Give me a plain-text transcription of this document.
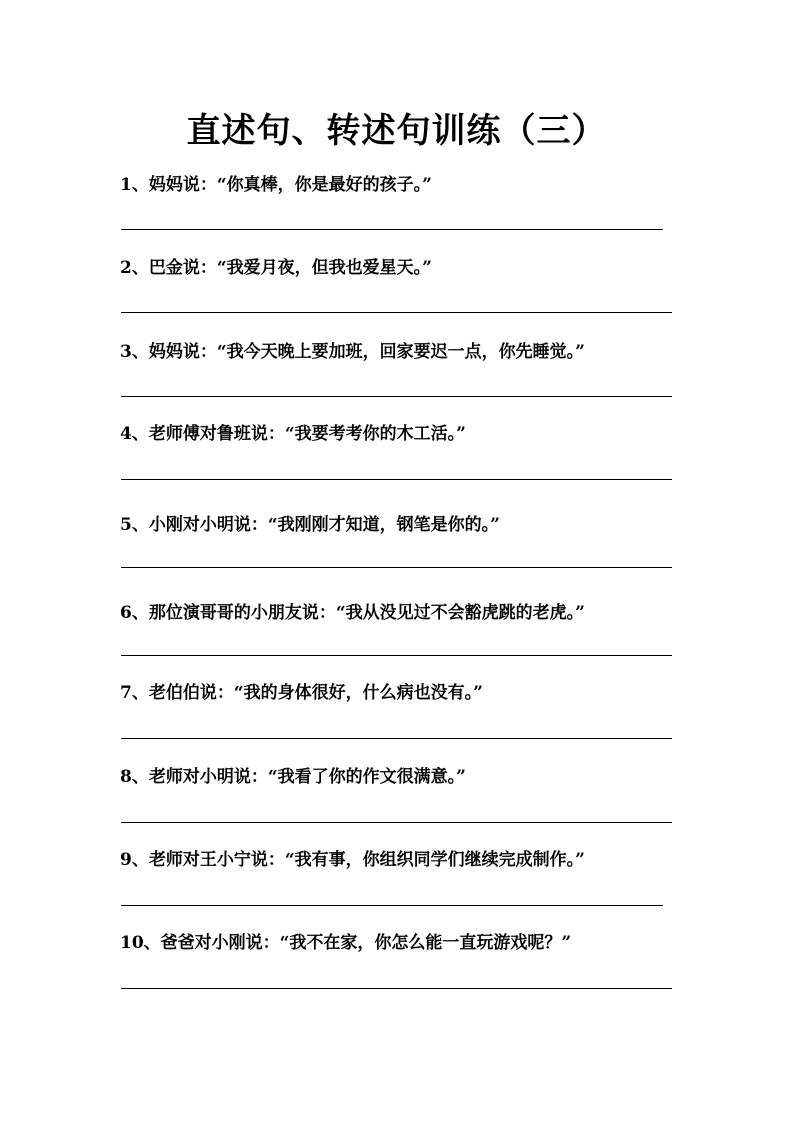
直述句、转述句训练（三）
1、妈妈说：“你真棒，你是最好的孩子。”
2、巴金说：“我爱月夜，但我也爱星天。”
3、妈妈说：“我今天晚上要加班，回家要迟一点，你先睡觉。”
4、老师傅对鲁班说：“我要考考你的木工活。”
5、小刚对小明说：“我刚刚才知道，钢笔是你的。”
6、那位演哥哥的小朋友说：“我从没见过不会豁虎跳的老虎。”
7、老伯伯说：“我的身体很好，什么病也没有。”
8、老师对小明说：“我看了你的作文很满意。”
9、老师对王小宁说：“我有事，你组织同学们继续完成制作。”
10、爸爸对小刚说：“我不在家，你怎么能一直玩游戏呢？”
